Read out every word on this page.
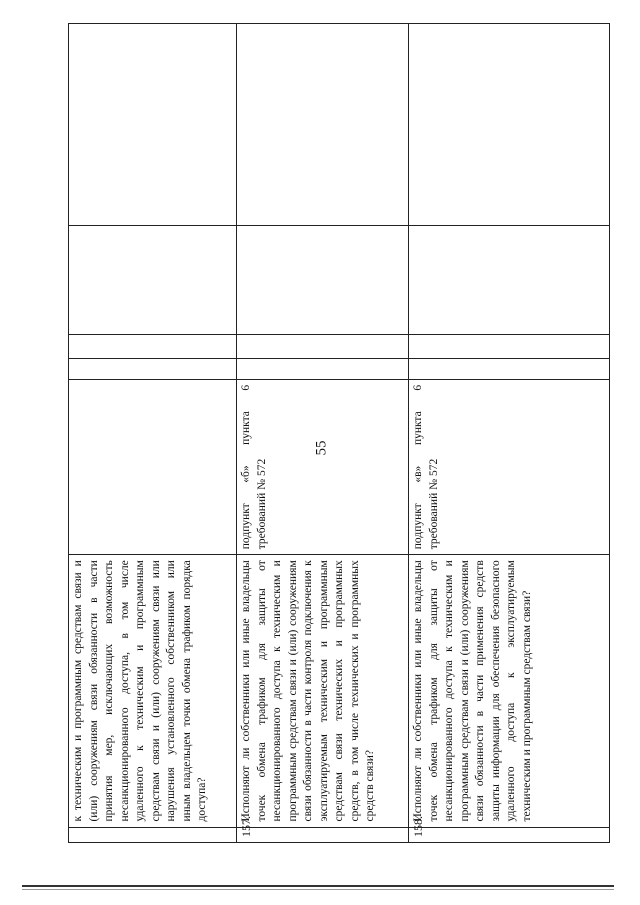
55
	к техническим и программным средствам связи и (или) сооружениям связи обязанности в части принятия мер, исключающих возможность несанкционированного доступа, в том числе удаленного к техническим и программным средствам связи и (или) сооружениям связи или нарушения установленного собственником или иным владельцем точки обмена трафиком порядка доступа?					
157.	Исполняют ли собственники или иные владельцы точек обмена трафиком для защиты от несанкционированного доступа к техническим и программным средствам связи и (или) сооружениям связи обязанности в части контроля подключения к эксплуатируемым техническим и программным средствам связи технических и программных средств, в том числе технических и программных средств связи?	подпункт «б» пункта 6 требований № 572				
158.	Исполняют ли собственники или иные владельцы точек обмена трафиком для защиты от несанкционированного доступа к техническим и программным средствам связи и (или) сооружениям связи обязанности в части применения средств защиты информации для обеспечения безопасного удаленного доступа к эксплуатируемым техническим и программным средствам связи?	подпункт «в» пункта 6 требований № 572				
